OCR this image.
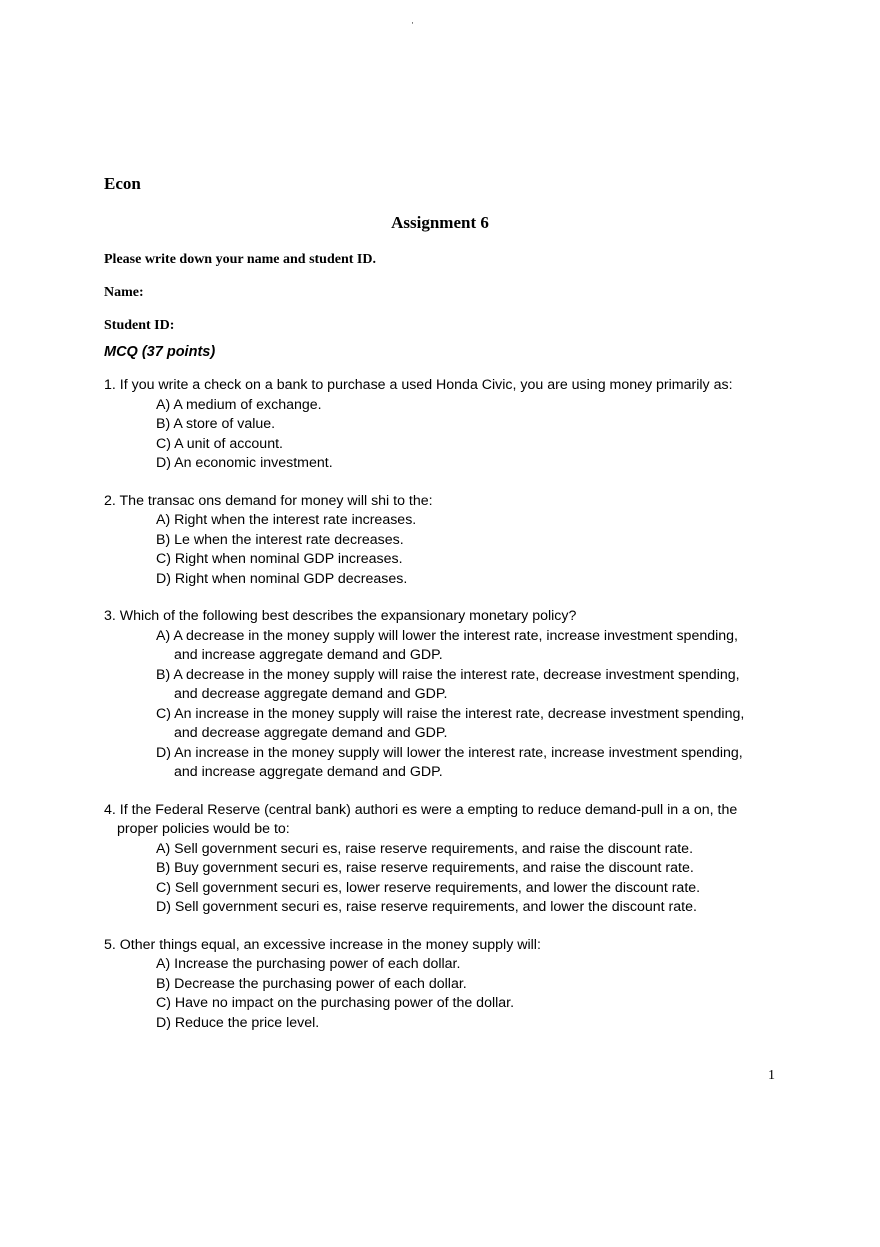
·
Econ
Assignment 6
Please write down your name and student ID.
Name:
Student ID:
MCQ (37 points)

1. If you write a check on a bank to purchase a used Honda Civic, you are using money primarily as:

A) A medium of exchange.

B) A store of value.

C) A unit of account.

D) An economic investment.

2. The transac ons demand for money will shi to the:

A) Right when the interest rate increases.

B) Le when the interest rate decreases.

C) Right when nominal GDP increases.

D) Right when nominal GDP decreases.

3. Which of the following best describes the expansionary monetary policy?

A) A decrease in the money supply will lower the interest rate, increase investment spending,

and increase aggregate demand and GDP.

B) A decrease in the money supply will raise the interest rate, decrease investment spending,

and decrease aggregate demand and GDP.

C) An increase in the money supply will raise the interest rate, decrease investment spending,

and decrease aggregate demand and GDP.

D) An increase in the money supply will lower the interest rate, increase investment spending,

and increase aggregate demand and GDP.

4. If the Federal Reserve (central bank) authori es were a empting to reduce demand-pull in a on, the

proper policies would be to:

A) Sell government securi es, raise reserve requirements, and raise the discount rate.

B) Buy government securi es, raise reserve requirements, and raise the discount rate.

C) Sell government securi es, lower reserve requirements, and lower the discount rate.

D) Sell government securi es, raise reserve requirements, and lower the discount rate.

5. Other things equal, an excessive increase in the money supply will:

A) Increase the purchasing power of each dollar.

B) Decrease the purchasing power of each dollar.

C) Have no impact on the purchasing power of the dollar.

D) Reduce the price level.

1
